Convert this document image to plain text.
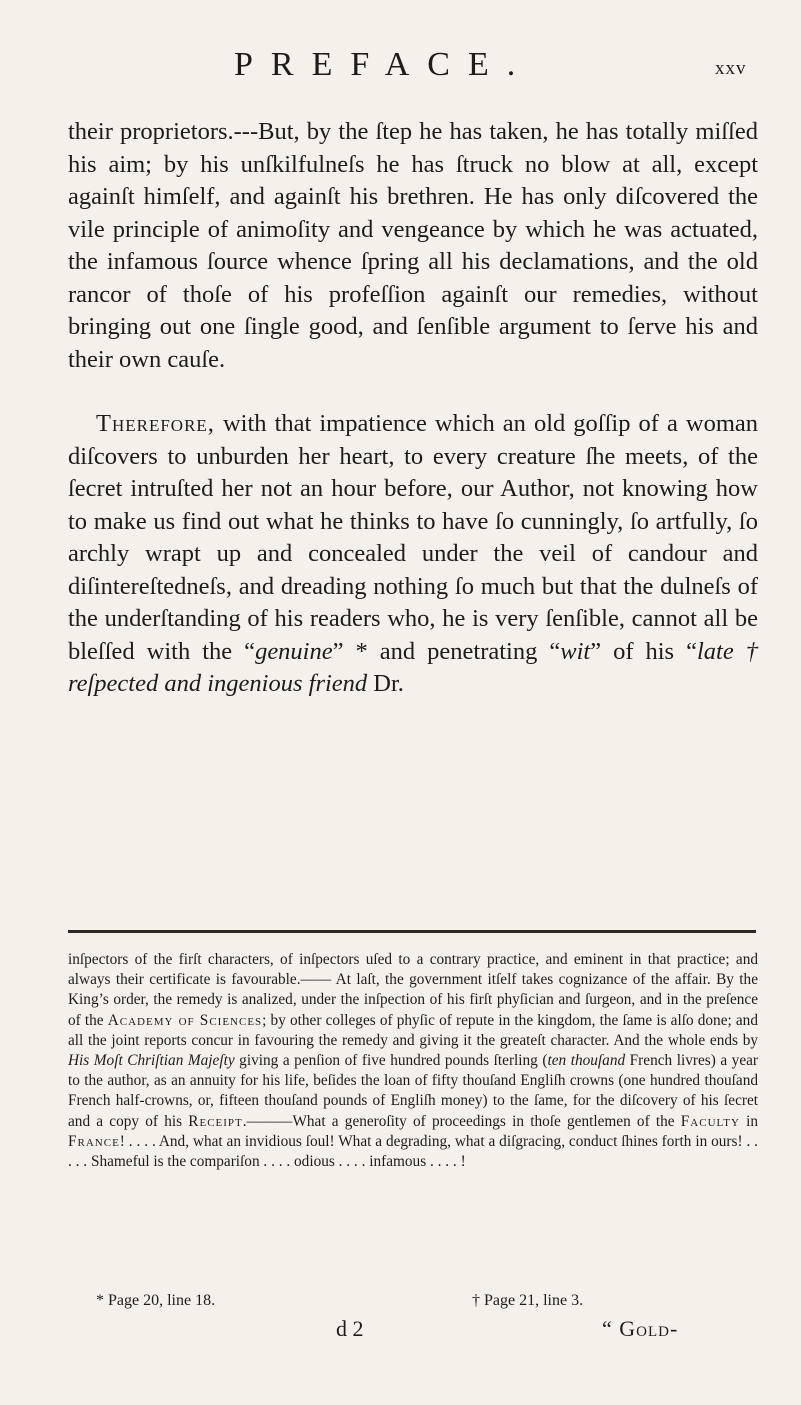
PREFACE.	xxv

their proprietors.---But, by the ſtep he has taken, he has totally miſſed his aim; by his unſkilfulneſs he has ſtruck no blow at all, except againſt himſelf, and againſt his brethren. He has only diſcovered the vile principle of animoſity and vengeance by which he was actuated, the infamous ſource whence ſpring all his declamations, and the old rancor of thoſe of his profeſſion againſt our remedies, without bringing out one ſingle good, and ſenſible argument to ſerve his and their own cauſe.

Therefore, with that impatience which an old goſſip of a woman diſcovers to unburden her heart, to every creature ſhe meets, of the ſecret intruſted her not an hour before, our Author, not knowing how to make us find out what he thinks to have ſo cunningly, ſo artfully, ſo archly wrapt up and concealed under the veil of candour and diſintereſtedneſs, and dreading nothing ſo much but that the dulneſs of the underſtanding of his readers who, he is very ſenſible, cannot all be bleſſed with the “genuine” * and penetrating “wit” of his “late † reſpected and ingenious friend Dr.

inſpectors of the firſt characters, of inſpectors uſed to a contrary practice, and eminent in that practice; and always their certificate is favourable.—— At laſt, the government itſelf takes cognizance of the affair. By the King’s order, the remedy is analized, under the inſpection of his firſt phyſician and ſurgeon, and in the preſence of the Academy of Sciences; by other colleges of phyſic of repute in the kingdom, the ſame is alſo done; and all the joint reports concur in favouring the remedy and giving it the greateſt character. And the whole ends by His Moſt Chriſtian Majeſty giving a penſion of five hundred pounds ſterling (ten thouſand French livres) a year to the author, as an annuity for his life, beſides the loan of fifty thouſand Engliſh crowns (one hundred thouſand French half-crowns, or, fifteen thouſand pounds of Engliſh money) to the ſame, for the diſcovery of his ſecret and a copy of his Receipt.———What a generoſity of proceedings in thoſe gentlemen of the Faculty in France! . . . . And, what an invidious ſoul! What a degrading, what a diſgracing, conduct ſhines forth in ours! . . . . . Shameful is the compariſon . . . . odious . . . . infamous . . . . !

* Page 20, line 18.	† Page 21, line 3.
d 2	“ Gold-
